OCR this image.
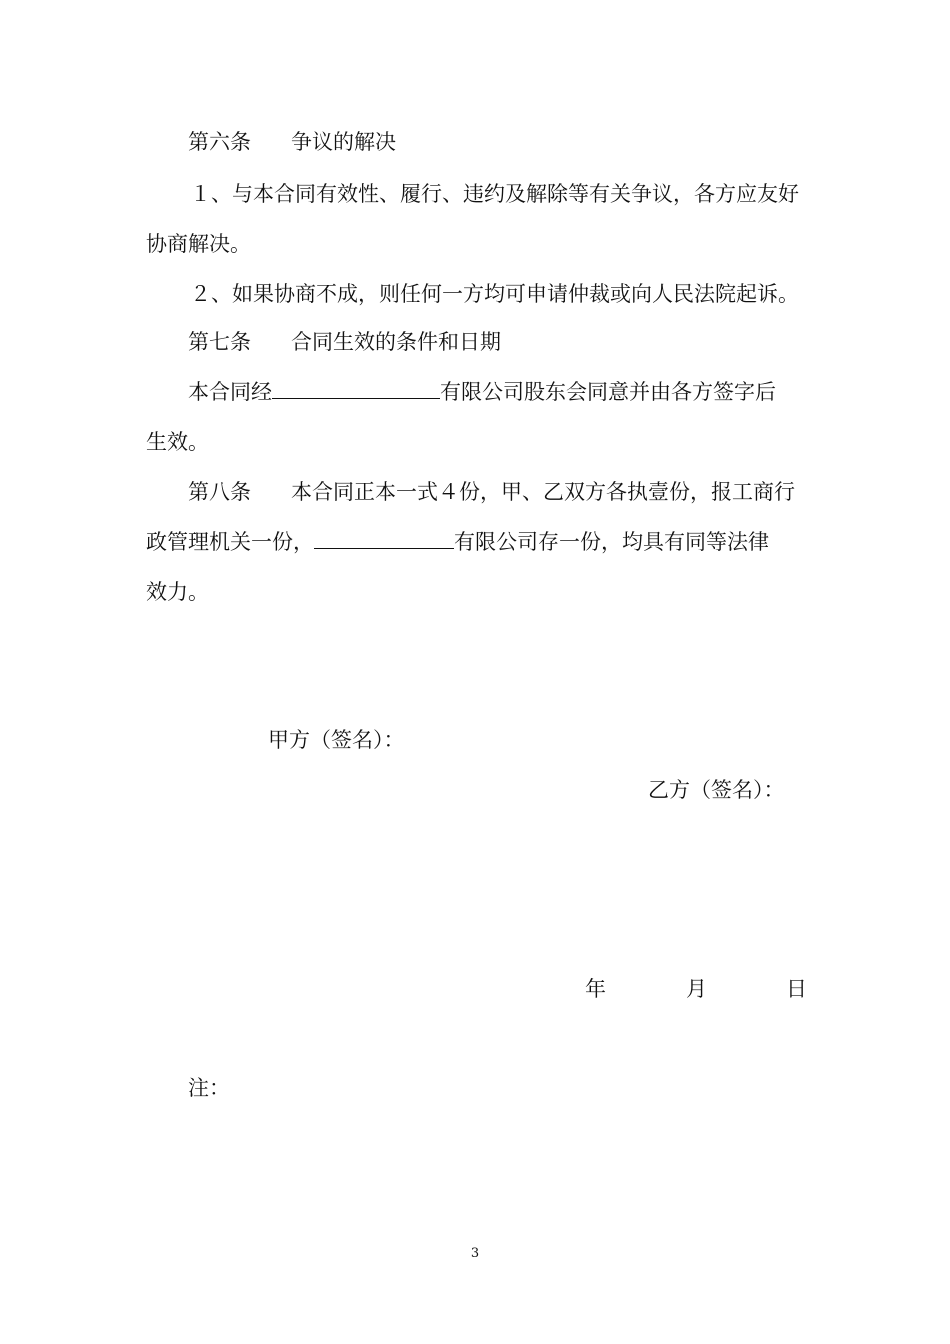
第六条 争议的解决
１、与本合同有效性、履行、违约及解除等有关争议，各方应友好
协商解决。
２、如果协商不成，则任何一方均可申请仲裁或向人民法院起诉。
第七条 合同生效的条件和日期
本合同经	有限公司股东会同意并由各方签字后
生效。
第八条 本合同正本一式４份，甲、乙双方各执壹份，报工商行
政管理机关一份，	有限公司存一份，均具有同等法律
效力。
甲方（签名）：
乙方（签名）：
年	月	日
注：
3
